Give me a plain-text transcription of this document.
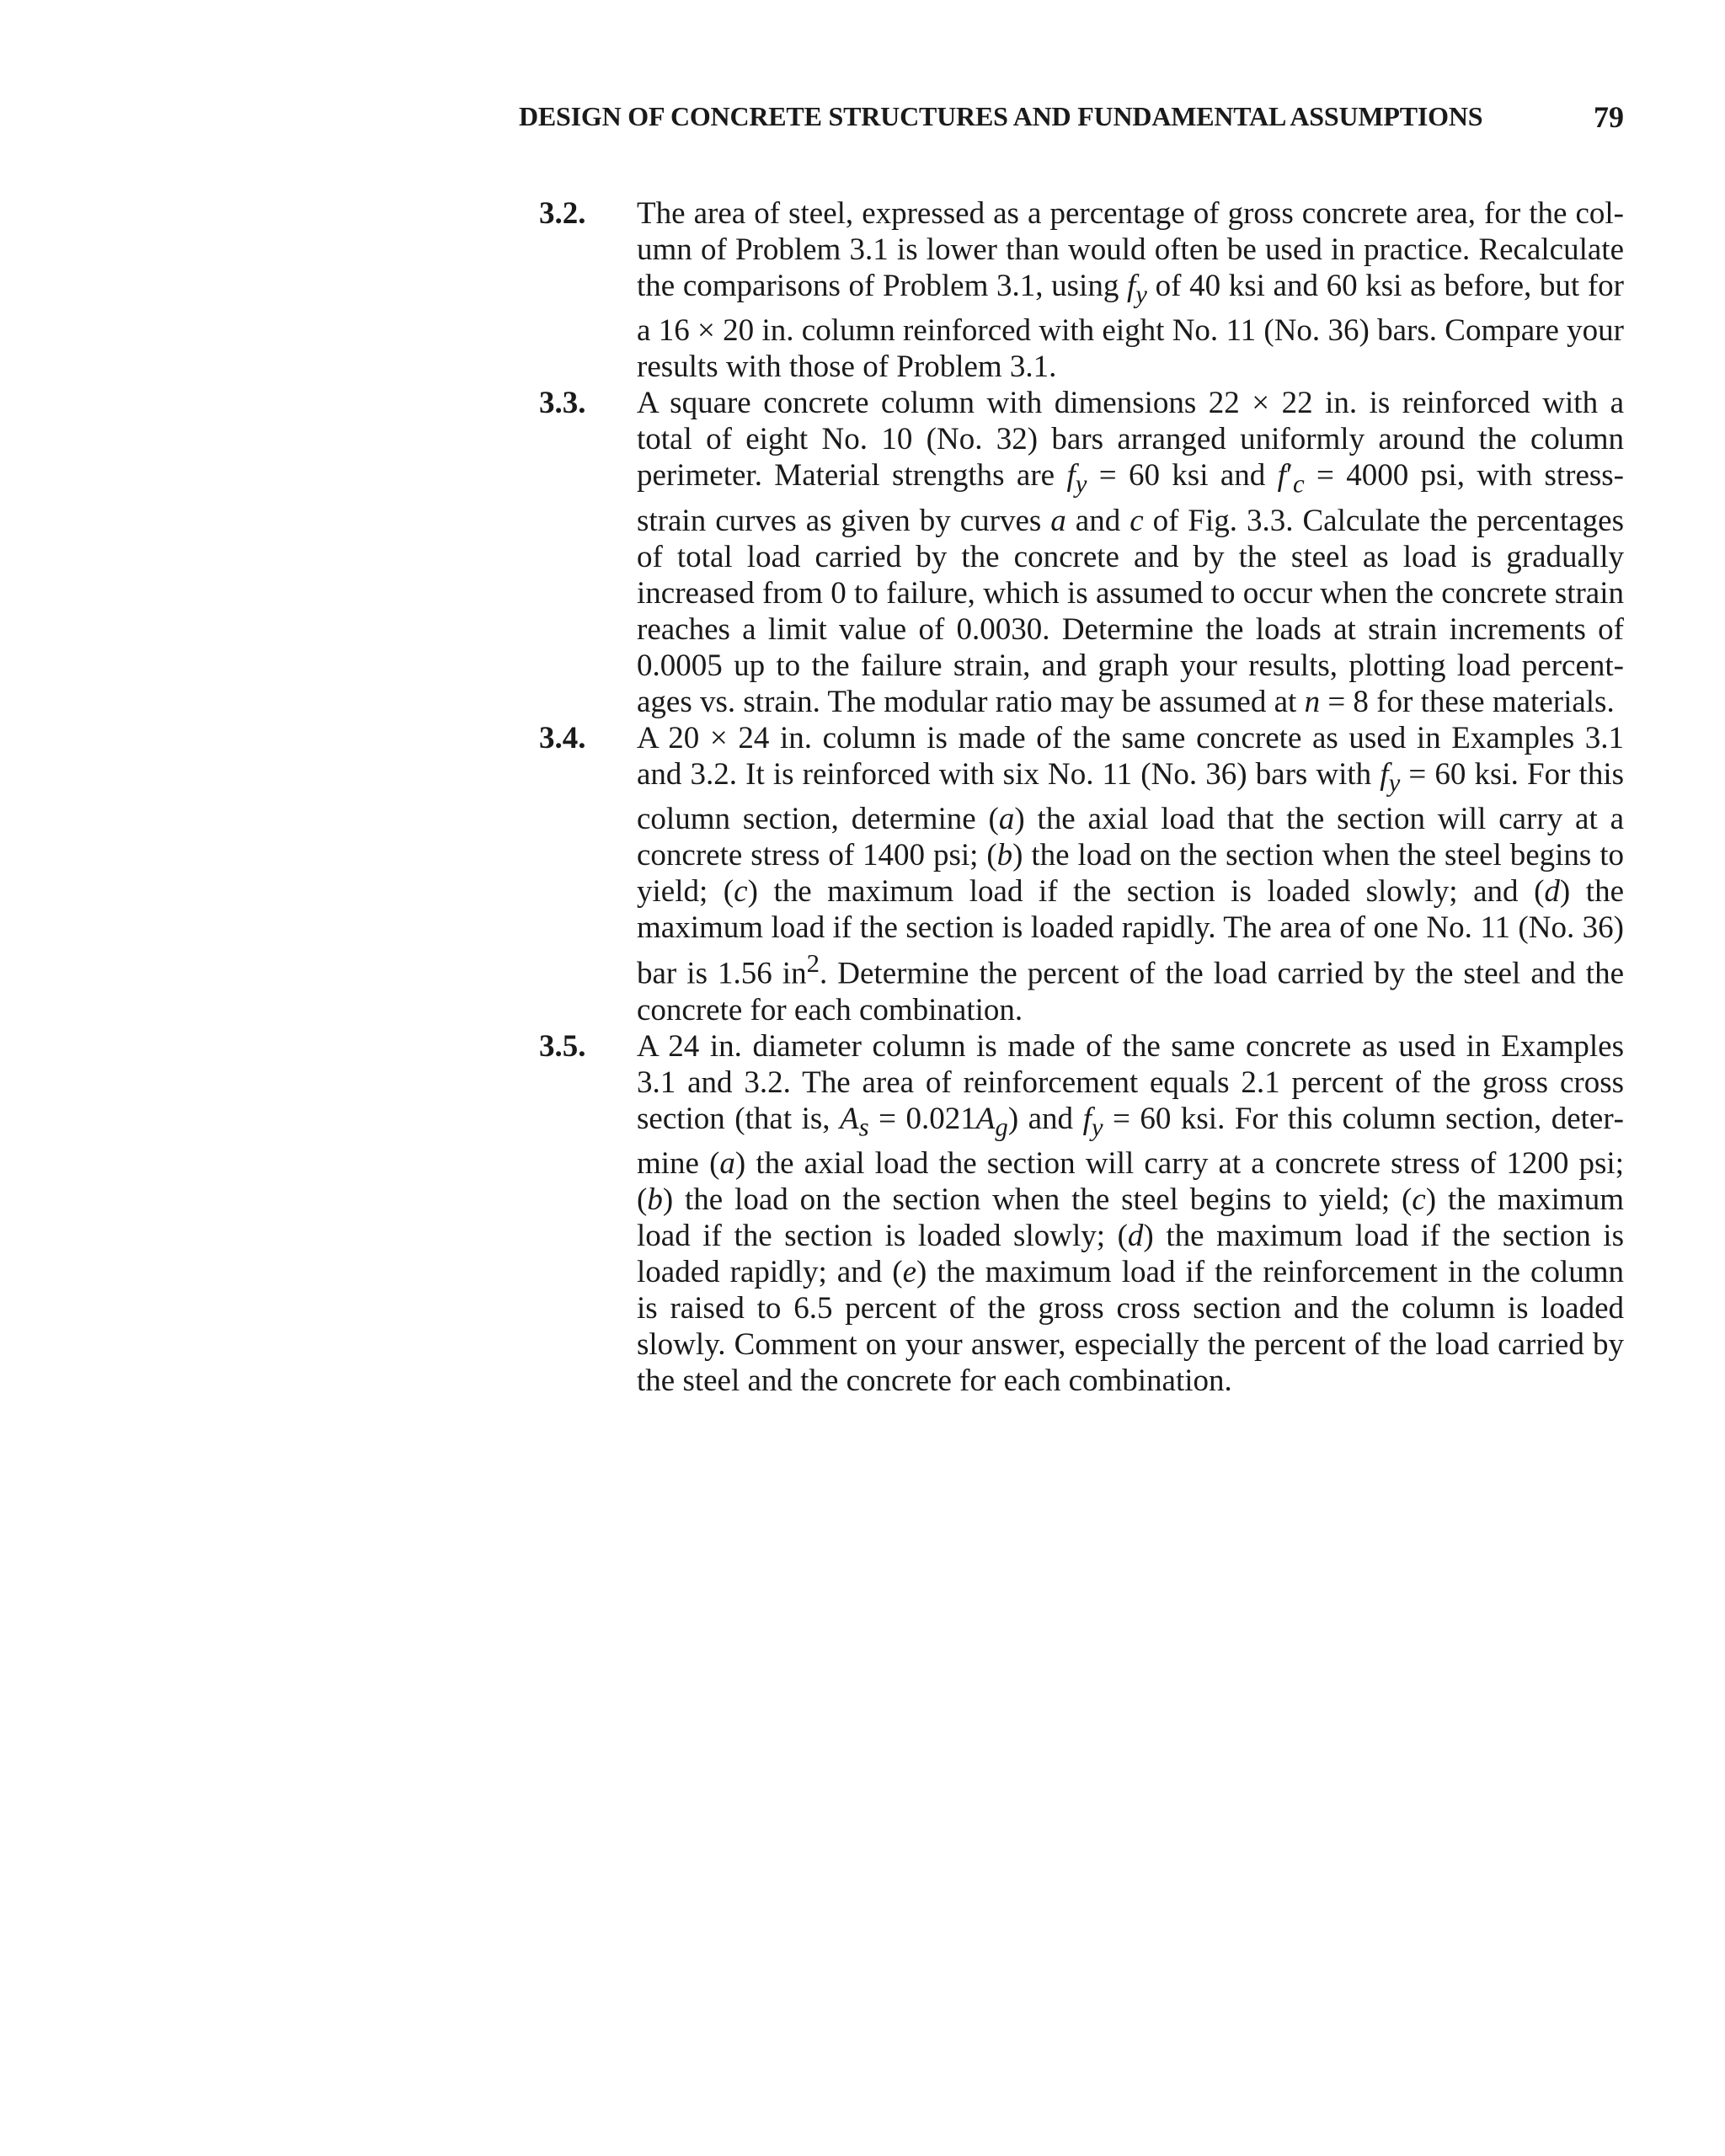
DESIGN OF CONCRETE STRUCTURES AND FUNDAMENTAL ASSUMPTIONS	79
3.2.	The area of steel, expressed as a percentage of gross concrete area, for the column of Problem 3.1 is lower than would often be used in practice. Recalculate the comparisons of Problem 3.1, using $f_y$ of 40 ksi and 60 ksi as before, but for a 16 × 20 in. column reinforced with eight No. 11 (No. 36) bars. Compare your results with those of Problem 3.1.
3.3.	A square concrete column with dimensions 22 × 22 in. is reinforced with a total of eight No. 10 (No. 32) bars arranged uniformly around the column perimeter. Material strengths are $f_y = 60$ ksi and $f'_c = 4000$ psi, with stress-strain curves as given by curves a and c of Fig. 3.3. Calculate the percentages of total load carried by the concrete and by the steel as load is gradually increased from 0 to failure, which is assumed to occur when the concrete strain reaches a limit value of 0.0030. Determine the loads at strain increments of 0.0005 up to the failure strain, and graph your results, plotting load percentages vs. strain. The modular ratio may be assumed at n = 8 for these materials.
3.4.	A 20 × 24 in. column is made of the same concrete as used in Examples 3.1 and 3.2. It is reinforced with six No. 11 (No. 36) bars with $f_y = 60$ ksi. For this column section, determine (a) the axial load that the section will carry at a concrete stress of 1400 psi; (b) the load on the section when the steel begins to yield; (c) the maximum load if the section is loaded slowly; and (d) the maximum load if the section is loaded rapidly. The area of one No. 11 (No. 36) bar is 1.56 $in^2$. Determine the percent of the load carried by the steel and the concrete for each combination.
3.5.	A 24 in. diameter column is made of the same concrete as used in Examples 3.1 and 3.2. The area of reinforcement equals 2.1 percent of the gross cross section (that is, $A_s = 0.021A_g$) and $f_y = 60$ ksi. For this column section, determine (a) the axial load the section will carry at a concrete stress of 1200 psi; (b) the load on the section when the steel begins to yield; (c) the maximum load if the section is loaded slowly; (d) the maximum load if the section is loaded rapidly; and (e) the maximum load if the reinforcement in the column is raised to 6.5 percent of the gross cross section and the column is loaded slowly. Comment on your answer, especially the percent of the load carried by the steel and the concrete for each combination.
